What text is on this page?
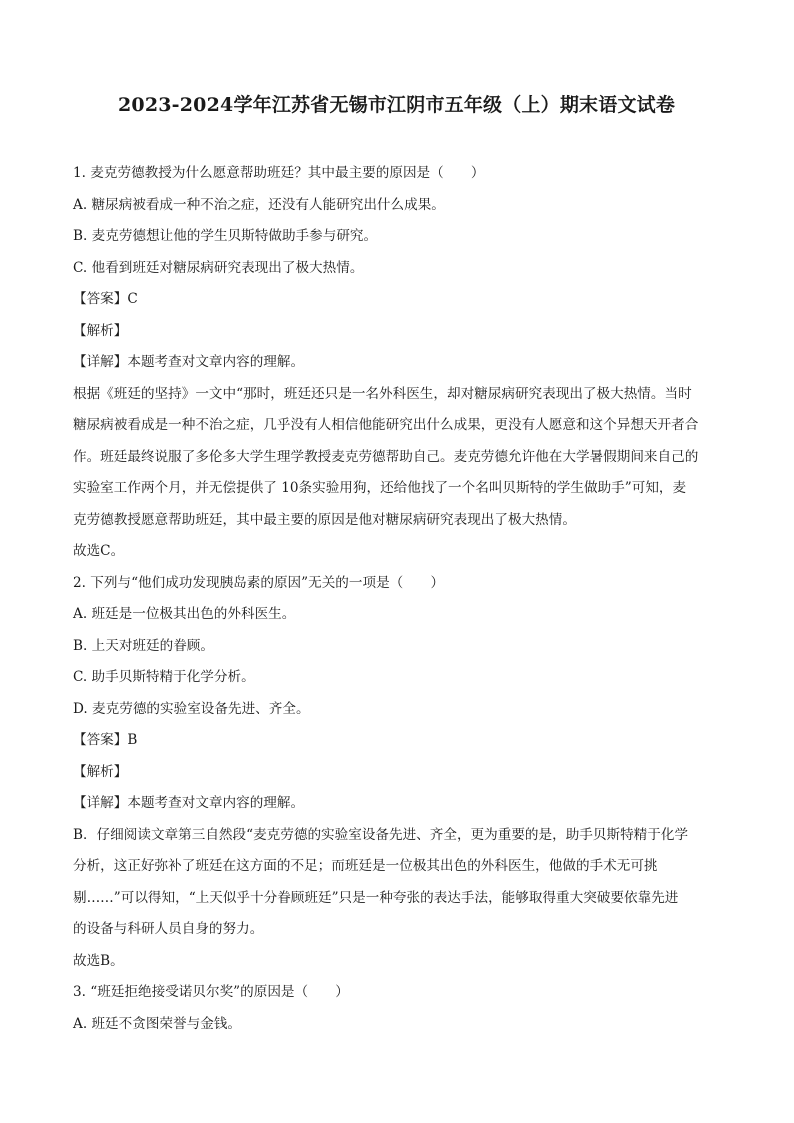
2023-2024学年江苏省无锡市江阴市五年级（上）期末语文试卷
1. 麦克劳德教授为什么愿意帮助班廷？其中最主要的原因是（　　）
A. 糖尿病被看成一种不治之症，还没有人能研究出什么成果。
B. 麦克劳德想让他的学生贝斯特做助手参与研究。
C. 他看到班廷对糖尿病研究表现出了极大热情。
【答案】C
【解析】
【详解】本题考查对文章内容的理解。
根据《班廷的坚持》一文中“那时，班廷还只是一名外科医生，却对糖尿病研究表现出了极大热情。当时
糖尿病被看成是一种不治之症，几乎没有人相信他能研究出什么成果，更没有人愿意和这个异想天开者合
作。班廷最终说服了多伦多大学生理学教授麦克劳德帮助自己。麦克劳德允许他在大学暑假期间来自己的
实验室工作两个月，并无偿提供了 10条实验用狗，还给他找了一个名叫贝斯特的学生做助手”可知，麦
克劳德教授愿意帮助班廷，其中最主要的原因是他对糖尿病研究表现出了极大热情。
故选C。
2. 下列与“他们成功发现胰岛素的原因”无关的一项是（　　）
A. 班廷是一位极其出色的外科医生。
B. 上天对班廷的眷顾。
C. 助手贝斯特精于化学分析。
D. 麦克劳德的实验室设备先进、齐全。
【答案】B
【解析】
【详解】本题考查对文章内容的理解。
B．仔细阅读文章第三自然段“麦克劳德的实验室设备先进、齐全，更为重要的是，助手贝斯特精于化学
分析，这正好弥补了班廷在这方面的不足；而班廷是一位极其出色的外科医生，他做的手术无可挑
剔……”可以得知，“上天似乎十分眷顾班廷”只是一种夸张的表达手法，能够取得重大突破要依靠先进
的设备与科研人员自身的努力。
故选B。
3. “班廷拒绝接受诺贝尔奖”的原因是（　　）
A. 班廷不贪图荣誉与金钱。
